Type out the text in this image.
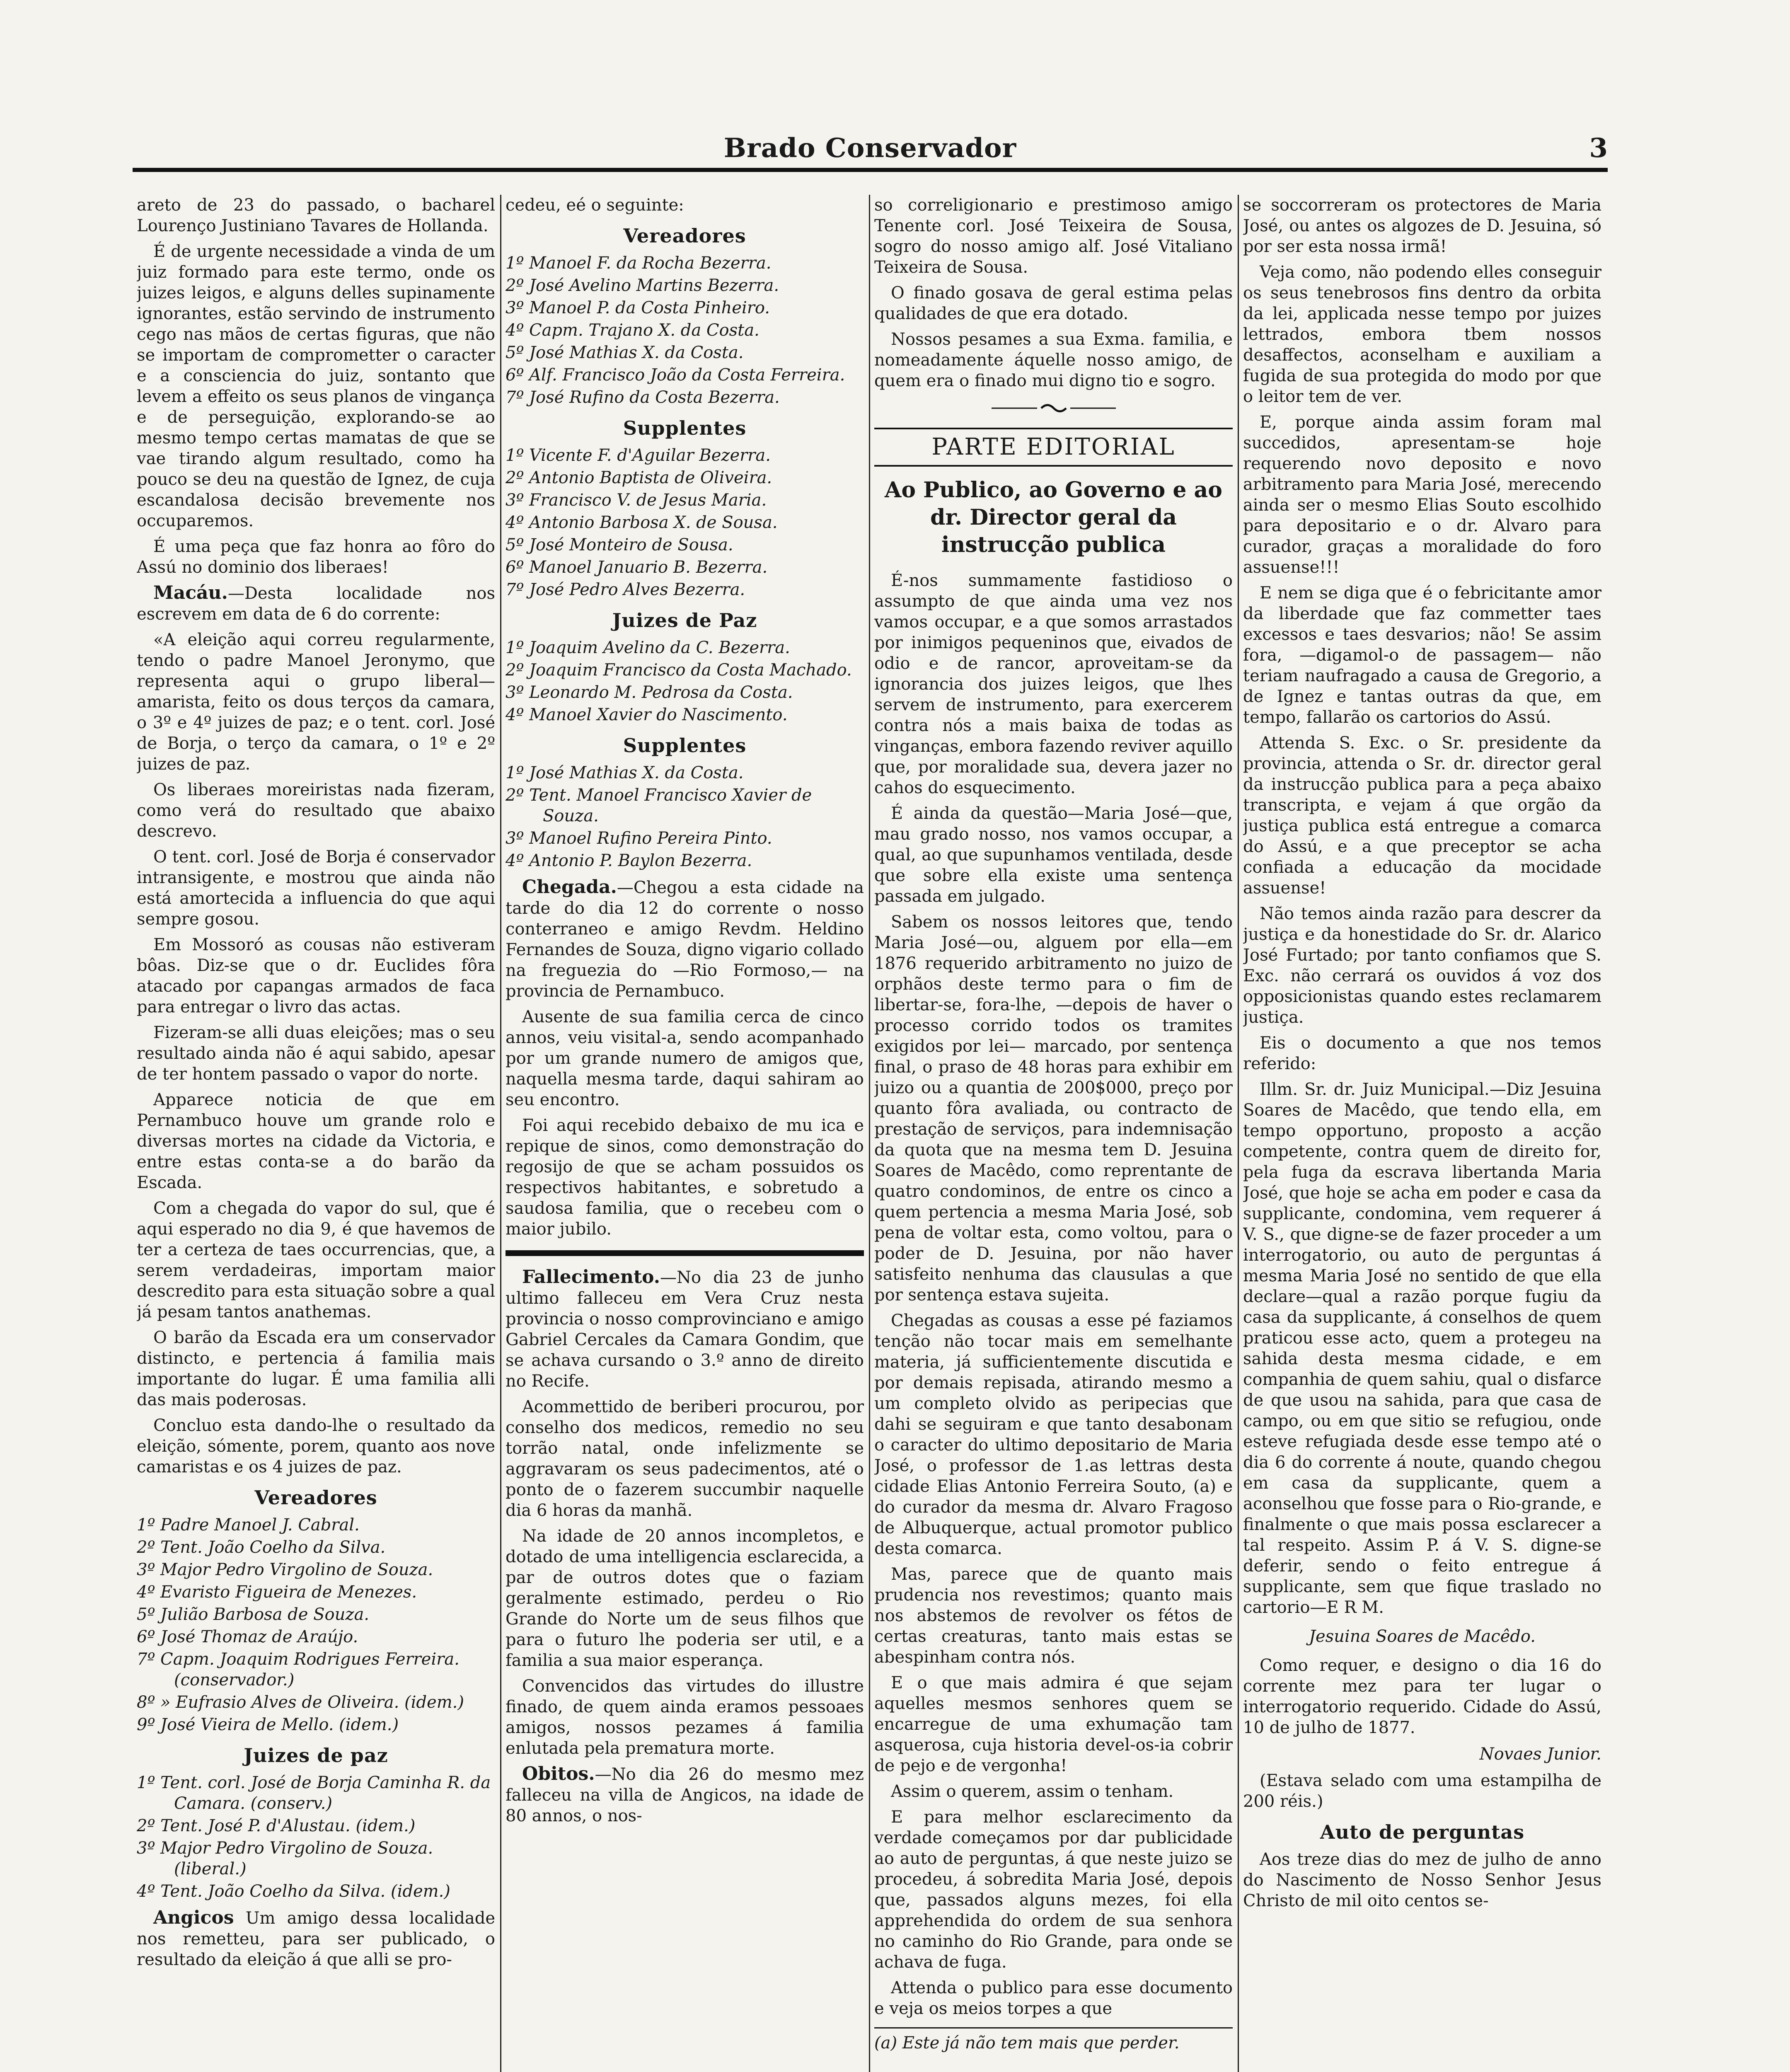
Brado Conservador	3

areto de 23 do passado, o bacharel Lourenço Justiniano Tavares de Hollanda.

É de urgente necessidade a vinda de um juiz formado para este termo, onde os juizes leigos, e alguns delles supinamente ignorantes, estão servindo de instrumento cego nas mãos de certas figuras, que não se importam de comprometter o caracter e a consciencia do juiz, sontanto que levem a effeito os seus planos de vingança e de perseguição, explorando-se ao mesmo tempo certas mamatas de que se vae tirando algum resultado, como ha pouco se deu na questão de Ignez, de cuja escandalosa decisão brevemente nos occuparemos.

É uma peça que faz honra ao fôro do Assú no dominio dos liberaes!

Macáu.—Desta localidade nos escrevem em data de 6 do corrente:

«A eleição aqui correu regularmente, tendo o padre Manoel Jeronymo, que representa aqui o grupo liberal—amarista, feito os dous terços da camara, o 3º e 4º juizes de paz; e o tent. corl. José de Borja, o terço da camara, o 1º e 2º juizes de paz.

Os liberaes moreiristas nada fizeram, como verá do resultado que abaixo descrevo.

O tent. corl. José de Borja é conservador intransigente, e mostrou que ainda não está amortecida a influencia do que aqui sempre gosou.

Em Mossoró as cousas não estiveram bôas. Diz-se que o dr. Euclides fôra atacado por capangas armados de faca para entregar o livro das actas.

Fizeram-se alli duas eleições; mas o seu resultado ainda não é aqui sabido, apesar de ter hontem passado o vapor do norte.

Apparece noticia de que em Pernambuco houve um grande rolo e diversas mortes na cidade da Victoria, e entre estas conta-se a do barão da Escada.

Com a chegada do vapor do sul, que é aqui esperado no dia 9, é que havemos de ter a certeza de taes occurrencias, que, a serem verdadeiras, importam maior descredito para esta situação sobre a qual já pesam tantos anathemas.

O barão da Escada era um conservador distincto, e pertencia á familia mais importante do lugar. É uma familia alli das mais poderosas.

Concluo esta dando-lhe o resultado da eleição, sómente, porem, quanto aos nove camaristas e os 4 juizes de paz.

Vereadores
1º Padre Manoel J. Cabral.
2º Tent. João Coelho da Silva.
3º Major Pedro Virgolino de Souza.
4º Evaristo Figueira de Menezes.
5º Julião Barbosa de Souza.
6º José Thomaz de Araújo.
7º Capm. Joaquim Rodrigues Ferreira. (conservador.)
8º » Eufrasio Alves de Oliveira. (idem.)
9º José Vieira de Mello. (idem.)
Juizes de paz
1º Tent. corl. José de Borja Caminha R. da Camara. (conserv.)
2º Tent. José P. d'Alustau. (idem.)
3º Major Pedro Virgolino de Souza. (liberal.)
4º Tent. João Coelho da Silva. (idem.)

Angicos Um amigo dessa localidade nos remetteu, para ser publicado, o resultado da eleição á que alli se pro-

cedeu, eé o seguinte:

Vereadores
1º Manoel F. da Rocha Bezerra.
2º José Avelino Martins Bezerra.
3º Manoel P. da Costa Pinheiro.
4º Capm. Trajano X. da Costa.
5º José Mathias X. da Costa.
6º Alf. Francisco João da Costa Ferreira.
7º José Rufino da Costa Bezerra.
Supplentes
1º Vicente F. d'Aguilar Bezerra.
2º Antonio Baptista de Oliveira.
3º Francisco V. de Jesus Maria.
4º Antonio Barbosa X. de Sousa.
5º José Monteiro de Sousa.
6º Manoel Januario B. Bezerra.
7º José Pedro Alves Bezerra.
Juizes de Paz
1º Joaquim Avelino da C. Bezerra.
2º Joaquim Francisco da Costa Machado.
3º Leonardo M. Pedrosa da Costa.
4º Manoel Xavier do Nascimento.
Supplentes
1º José Mathias X. da Costa.
2º Tent. Manoel Francisco Xavier de Souza.
3º Manoel Rufino Pereira Pinto.
4º Antonio P. Baylon Bezerra.

Chegada.—Chegou a esta cidade na tarde do dia 12 do corrente o nosso conterraneo e amigo Revdm. Heldino Fernandes de Souza, digno vigario collado na freguezia do —Rio Formoso,— na provincia de Pernambuco.

Ausente de sua familia cerca de cinco annos, veiu visital-a, sendo acompanhado por um grande numero de amigos que, naquella mesma tarde, daqui sahiram ao seu encontro.

Foi aqui recebido debaixo de mu ica e repique de sinos, como demonstração do regosijo de que se acham possuidos os respectivos habitantes, e sobretudo a saudosa familia, que o recebeu com o maior jubilo.

Fallecimento.—No dia 23 de junho ultimo falleceu em Vera Cruz nesta provincia o nosso comprovinciano e amigo Gabriel Cercales da Camara Gondim, que se achava cursando o 3.º anno de direito no Recife.

Acommettido de beriberi procurou, por conselho dos medicos, remedio no seu torrão natal, onde infelizmente se aggravaram os seus padecimentos, até o ponto de o fazerem succumbir naquelle dia 6 horas da manhã.

Na idade de 20 annos incompletos, e dotado de uma intelligencia esclarecida, a par de outros dotes que o faziam geralmente estimado, perdeu o Rio Grande do Norte um de seus filhos que para o futuro lhe poderia ser util, e a familia a sua maior esperança.

Convencidos das virtudes do illustre finado, de quem ainda eramos pessoaes amigos, nossos pezames á familia enlutada pela prematura morte.

Obitos.—No dia 26 do mesmo mez falleceu na villa de Angicos, na idade de 80 annos, o nos-

so correligionario e prestimoso amigo Tenente corl. José Teixeira de Sousa, sogro do nosso amigo alf. José Vitaliano Teixeira de Sousa.

O finado gosava de geral estima pelas qualidades de que era dotado.

Nossos pesames a sua Exma. familia, e nomeadamente áquelle nosso amigo, de quem era o finado mui digno tio e sogro.

PARTE EDITORIAL
Ao Publico, ao Governo e ao dr. Director geral da instrucção publica

É-nos summamente fastidioso o assumpto de que ainda uma vez nos vamos occupar, e a que somos arrastados por inimigos pequeninos que, eivados de odio e de rancor, aproveitam-se da ignorancia dos juizes leigos, que lhes servem de instrumento, para exercerem contra nós a mais baixa de todas as vinganças, embora fazendo reviver aquillo que, por moralidade sua, devera jazer no cahos do esquecimento.

É ainda da questão—Maria José—que, mau grado nosso, nos vamos occupar, a qual, ao que supunhamos ventilada, desde que sobre ella existe uma sentença passada em julgado.

Sabem os nossos leitores que, tendo Maria José—ou, alguem por ella—em 1876 requerido arbitramento no juizo de orphãos deste termo para o fim de libertar-se, fora-lhe, —depois de haver o processo corrido todos os tramites exigidos por lei— marcado, por sentença final, o praso de 48 horas para exhibir em juizo ou a quantia de 200$000, preço por quanto fôra avaliada, ou contracto de prestação de serviços, para indemnisação da quota que na mesma tem D. Jesuina Soares de Macêdo, como reprentante de quatro condominos, de entre os cinco a quem pertencia a mesma Maria José, sob pena de voltar esta, como voltou, para o poder de D. Jesuina, por não haver satisfeito nenhuma das clausulas a que por sentença estava sujeita.

Chegadas as cousas a esse pé faziamos tenção não tocar mais em semelhante materia, já sufficientemente discutida e por demais repisada, atirando mesmo a um completo olvido as peripecias que dahi se seguiram e que tanto desabonam o caracter do ultimo depositario de Maria José, o professor de 1.as lettras desta cidade Elias Antonio Ferreira Souto, (a) e do curador da mesma dr. Alvaro Fragoso de Albuquerque, actual promotor publico desta comarca.

Mas, parece que de quanto mais prudencia nos revestimos; quanto mais nos abstemos de revolver os fétos de certas creaturas, tanto mais estas se abespinham contra nós.

E o que mais admira é que sejam aquelles mesmos senhores quem se encarregue de uma exhumação tam asquerosa, cuja historia devel-os-ia cobrir de pejo e de vergonha!

Assim o querem, assim o tenham.

E para melhor esclarecimento da verdade começamos por dar publicidade ao auto de perguntas, á que neste juizo se procedeu, á sobredita Maria José, depois que, passados alguns mezes, foi ella apprehendida do ordem de sua senhora no caminho do Rio Grande, para onde se achava de fuga.

Attenda o publico para esse documento e veja os meios torpes a que

(a) Este já não tem mais que perder.

se soccorreram os protectores de Maria José, ou antes os algozes de D. Jesuina, só por ser esta nossa irmã!

Veja como, não podendo elles conseguir os seus tenebrosos fins dentro da orbita da lei, applicada nesse tempo por juizes lettrados, embora tbem nossos desaffectos, aconselham e auxiliam a fugida de sua protegida do modo por que o leitor tem de ver.

E, porque ainda assim foram mal succedidos, apresentam-se hoje requerendo novo deposito e novo arbitramento para Maria José, merecendo ainda ser o mesmo Elias Souto escolhido para depositario e o dr. Alvaro para curador, graças a moralidade do foro assuense!!!

E nem se diga que é o febricitante amor da liberdade que faz commetter taes excessos e taes desvarios; não! Se assim fora, —digamol-o de passagem— não teriam naufragado a causa de Gregorio, a de Ignez e tantas outras da que, em tempo, fallarão os cartorios do Assú.

Attenda S. Exc. o Sr. presidente da provincia, attenda o Sr. dr. director geral da instrucção publica para a peça abaixo transcripta, e vejam á que orgão da justiça publica está entregue a comarca do Assú, e a que preceptor se acha confiada a educação da mocidade assuense!

Não temos ainda razão para descrer da justiça e da honestidade do Sr. dr. Alarico José Furtado; por tanto confiamos que S. Exc. não cerrará os ouvidos á voz dos opposicionistas quando estes reclamarem justiça.

Eis o documento a que nos temos referido:

Illm. Sr. dr. Juiz Municipal.—Diz Jesuina Soares de Macêdo, que tendo ella, em tempo opportuno, proposto a acção competente, contra quem de direito for, pela fuga da escrava libertanda Maria José, que hoje se acha em poder e casa da supplicante, condomina, vem requerer á V. S., que digne-se de fazer proceder a um interrogatorio, ou auto de perguntas á mesma Maria José no sentido de que ella declare—qual a razão porque fugiu da casa da supplicante, á conselhos de quem praticou esse acto, quem a protegeu na sahida desta mesma cidade, e em companhia de quem sahiu, qual o disfarce de que usou na sahida, para que casa de campo, ou em que sitio se refugiou, onde esteve refugiada desde esse tempo até o dia 6 do corrente á noute, quando chegou em casa da supplicante, quem a aconselhou que fosse para o Rio-grande, e finalmente o que mais possa esclarecer a tal respeito. Assim P. á V. S. digne-se deferir, sendo o feito entregue á supplicante, sem que fique traslado no cartorio—E R M.

Jesuina Soares de Macêdo.

Como requer, e designo o dia 16 do corrente mez para ter lugar o interrogatorio requerido. Cidade do Assú, 10 de julho de 1877.

Novaes Junior.

(Estava selado com uma estampilha de 200 réis.)

Auto de perguntas

Aos treze dias do mez de julho de anno do Nascimento de Nosso Senhor Jesus Christo de mil oito centos se-
